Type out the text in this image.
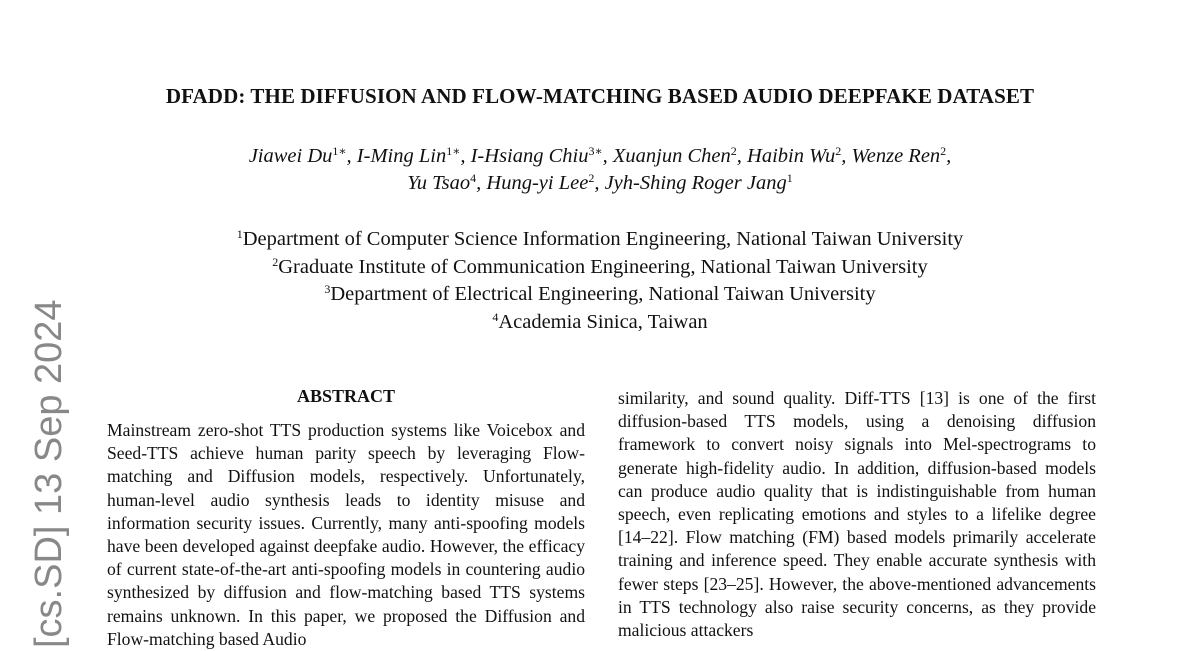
[cs.SD] 13 Sep 2024
DFADD: THE DIFFUSION AND FLOW-MATCHING BASED AUDIO DEEPFAKE DATASET
Jiawei $Du^{1∗}$, I-Ming Lin$^{1∗}$, I-Hsiang Chiu$^{3∗}$, Xuanjun Chen$^2$, Haibin Wu$^2$, Wenze Ren$^2$,
Yu Tsao$^4$, Hung-yi Lee$^2$, Jyh-Shing Roger Jang$^1$
$^1$Department of Computer Science Information Engineering, National Taiwan University
$^2$Graduate Institute of Communication Engineering, National Taiwan University
$^3$Department of Electrical Engineering, National Taiwan University
$^4$Academia Sinica, Taiwan
ABSTRACT

Mainstream zero-shot TTS production systems like Voicebox and Seed-TTS achieve human parity speech by leveraging Flow-matching and Diffusion models, respectively. Unfortunately, human-level audio synthesis leads to identity misuse and information security issues. Currently, many anti-spoofing models have been developed against deepfake audio. However, the efficacy of current state-of-the-art anti-spoofing models in countering audio synthesized by diffusion and flow-matching based TTS systems remains unknown. In this paper, we proposed the Diffusion and Flow-matching based Audio

similarity, and sound quality. Diff-TTS [13] is one of the first diffusion-based TTS models, using a denoising diffusion framework to convert noisy signals into Mel-spectrograms to generate high-fidelity audio. In addition, diffusion-based models can produce audio quality that is indistinguishable from human speech, even replicating emotions and styles to a lifelike degree [14–22]. Flow matching (FM) based models primarily accelerate training and inference speed. They enable accurate synthesis with fewer steps [23–25]. However, the above-mentioned advancements in TTS technology also raise security concerns, as they provide malicious attackers
